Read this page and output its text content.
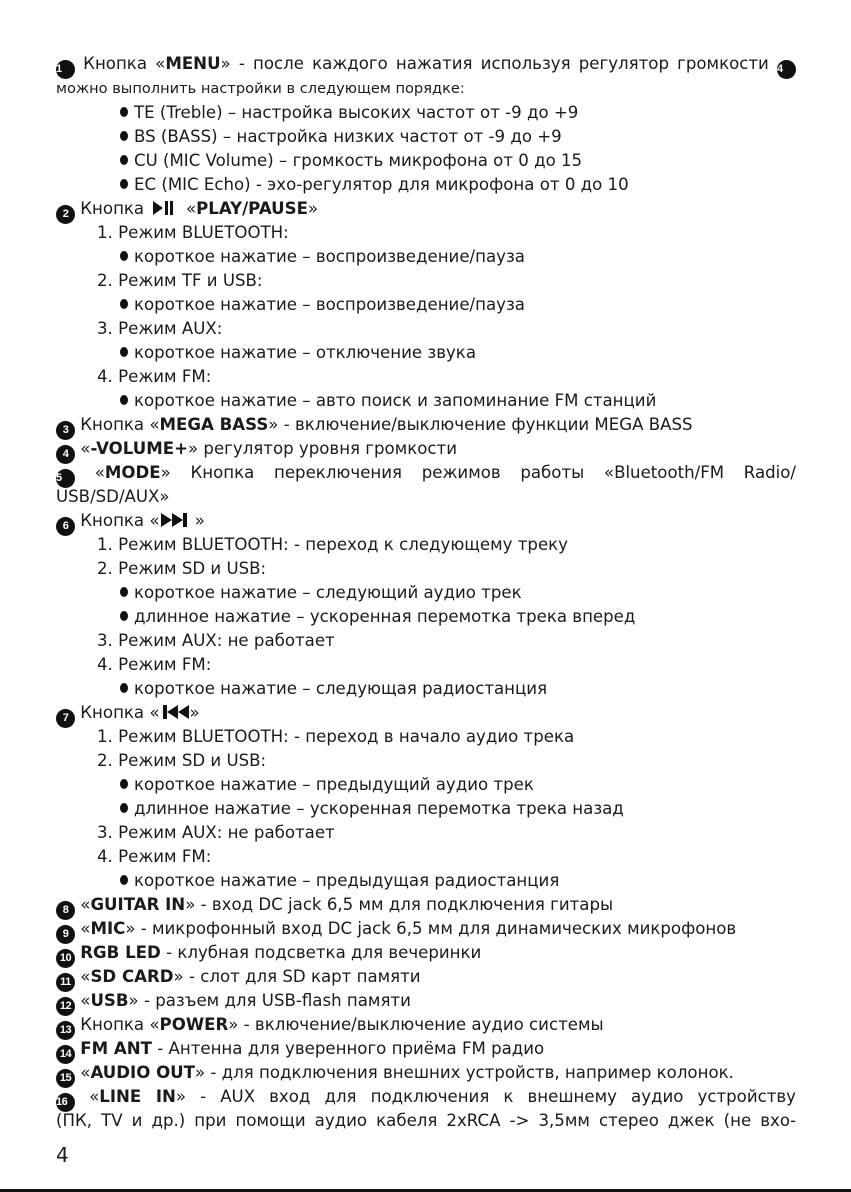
1 Кнопка «MENU» - после каждого нажатия используя регулятор громкости 4
можно выполнить настройки в следующем порядке:
TE (Treble) – настройка высоких частот от -9 до +9
BS (BASS) – настройка низких частот от -9 до +9
CU (MIC Volume) – громкость микрофона от 0 до 15
EC (MIC Echo) - эхо-регулятор для микрофона от 0 до 10
2 Кнопка   «PLAY/PAUSE»
1. Режим BLUETOOTH:
короткое нажатие – воспроизведение/пауза
2. Режим TF и USB:
короткое нажатие – воспроизведение/пауза
3. Режим AUX:
короткое нажатие – отключение звука
4. Режим FM:
короткое нажатие – авто поиск и запоминание FM станций
3 Кнопка «MEGA BASS» - включение/выключение функции MEGA BASS
4 «-VOLUME+» регулятор уровня громкости
5 «MODE» Кнопка переключения режимов работы «Bluetooth/FM Radio/
USB/SD/AUX»
6 Кнопка « »
1. Режим BLUETOOTH: - переход к следующему треку
2. Режим SD и USB:
короткое нажатие – следующий аудио трек
длинное нажатие – ускоренная перемотка трека вперед
3. Режим AUX: не работает
4. Режим FM:
короткое нажатие – следующая радиостанция
7 Кнопка « »
1. Режим BLUETOOTH: - переход в начало аудио трека
2. Режим SD и USB:
короткое нажатие – предыдущий аудио трек
длинное нажатие – ускоренная перемотка трека назад
3. Режим AUX: не работает
4. Режим FM:
короткое нажатие – предыдущая радиостанция
8 «GUITAR IN» - вход DC jack 6,5 мм для подключения гитары
9 «MIC» - микрофонный вход DC jack 6,5 мм для динамических микрофонов
10 RGB LED - клубная подсветка для вечеринки
11 «SD CARD» - слот для SD карт памяти
12 «USB» - разъем для USB-flash памяти
13 Кнопка «POWER» - включение/выключение аудио системы
14 FM ANT - Антенна для уверенного приёма FM радио
15 «AUDIO OUT» - для подключения внешних устройств, например колонок.
16 «LINE IN» - AUX вход для подключения к внешнему аудио устройству
(ПК, TV и др.) при помощи аудио кабеля 2xRCA -> 3,5мм стерео джек (не вхо-
4
